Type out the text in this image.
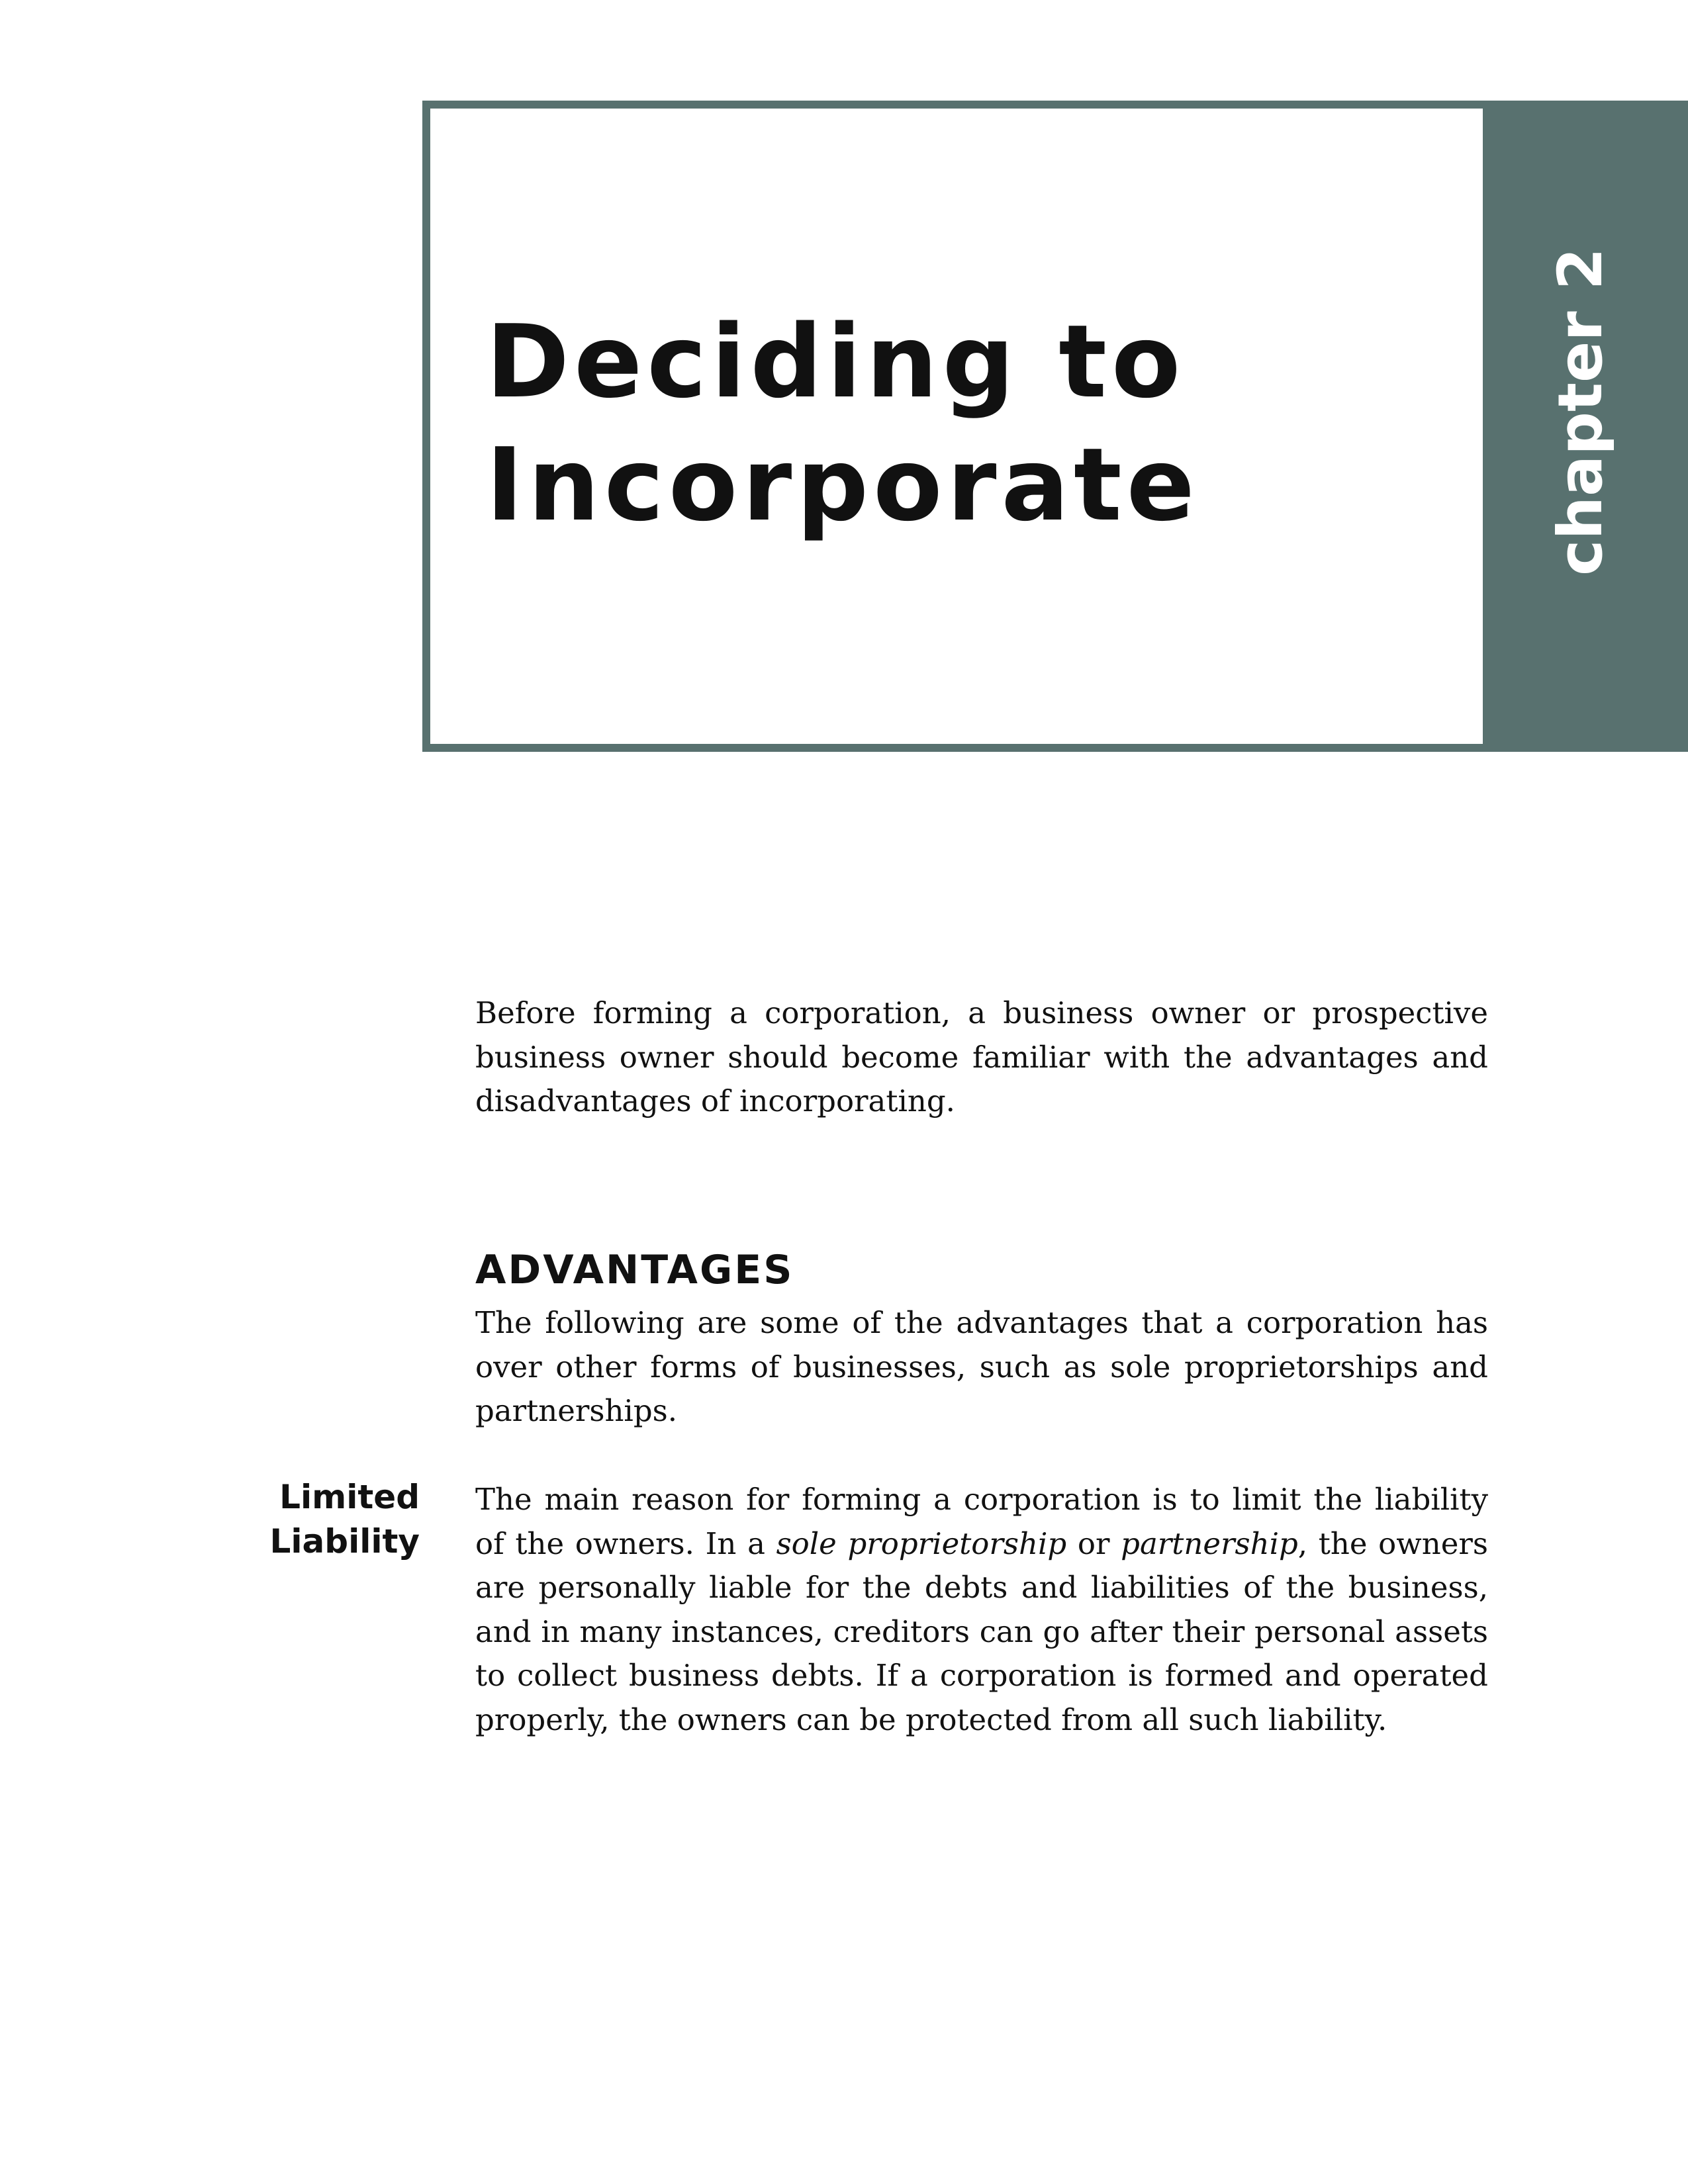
Deciding to
Incorporate	chapter 2

Before forming a corporation, a business owner or prospective business owner should become familiar with the advantages and disadvantages of incorporating.

ADVANTAGES

The following are some of the advantages that a corporation has over other forms of businesses, such as sole proprietorships and partnerships.

Limited
Liability

The main reason for forming a corporation is to limit the liability of the owners. In a sole proprietorship or partnership, the owners are personally liable for the debts and liabilities of the business, and in many instances, creditors can go after their personal assets to collect business debts. If a corporation is formed and operated properly, the owners can be protected from all such liability.
